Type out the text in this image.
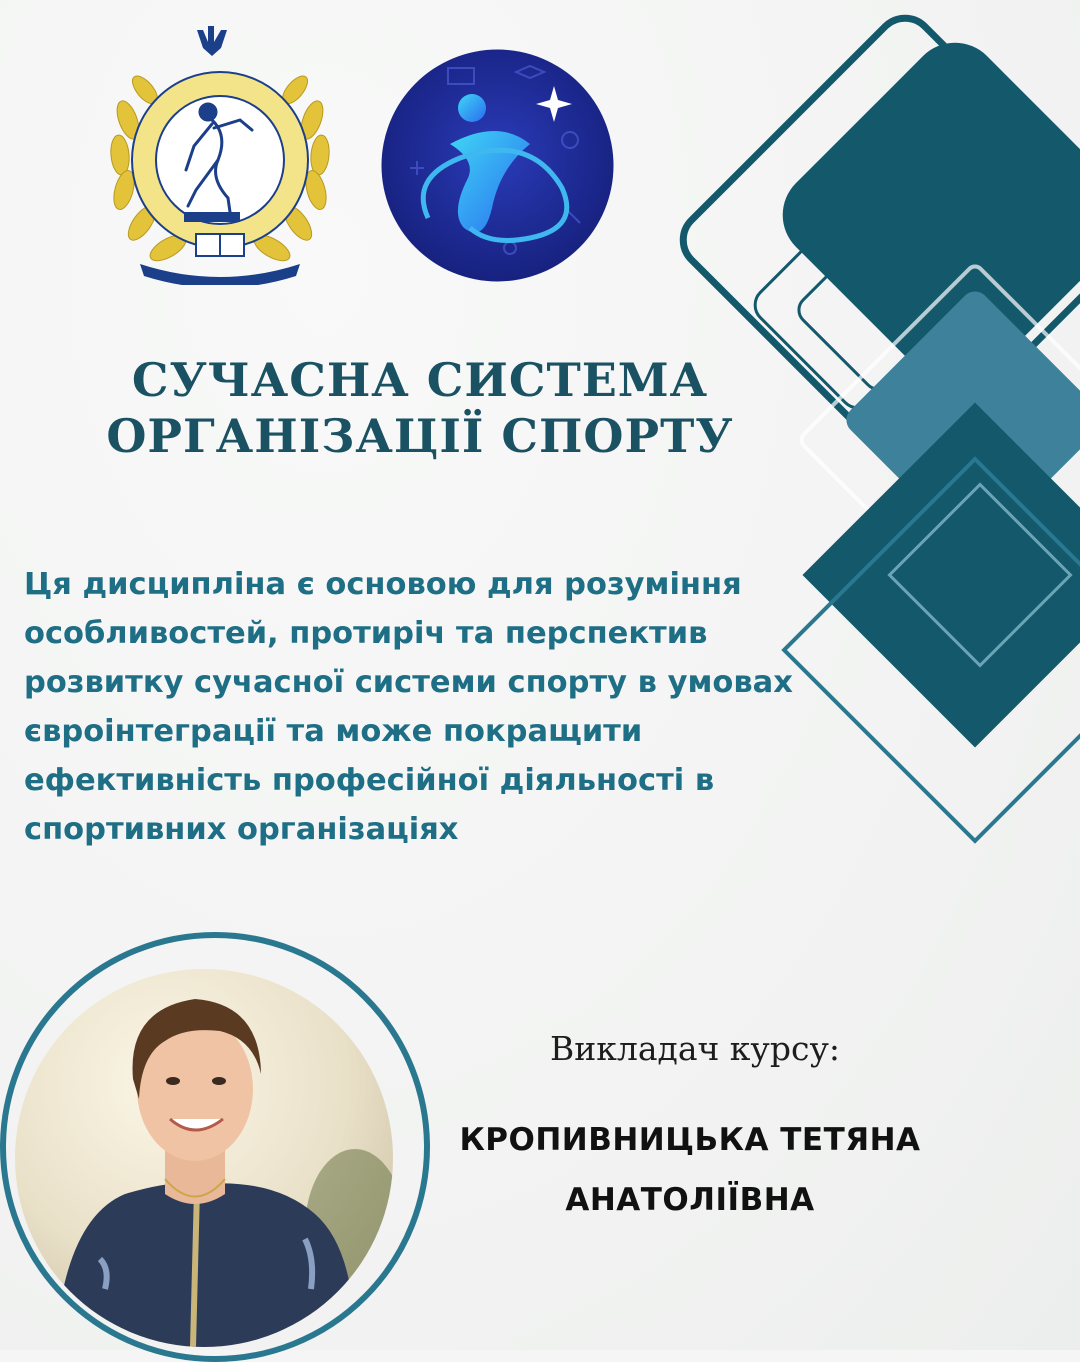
СУЧАСНА СИСТЕМА
ОРГАНІЗАЦІЇ СПОРТУ
Ця дисципліна є основою для розуміння особливостей, протиріч та перспектив розвитку сучасної системи спорту в умовах євроінтеграції та може покращити ефективність професійної діяльності в спортивних організаціях
Викладач курсу:
КРОПИВНИЦЬКА ТЕТЯНА
АНАТОЛІЇВНА
